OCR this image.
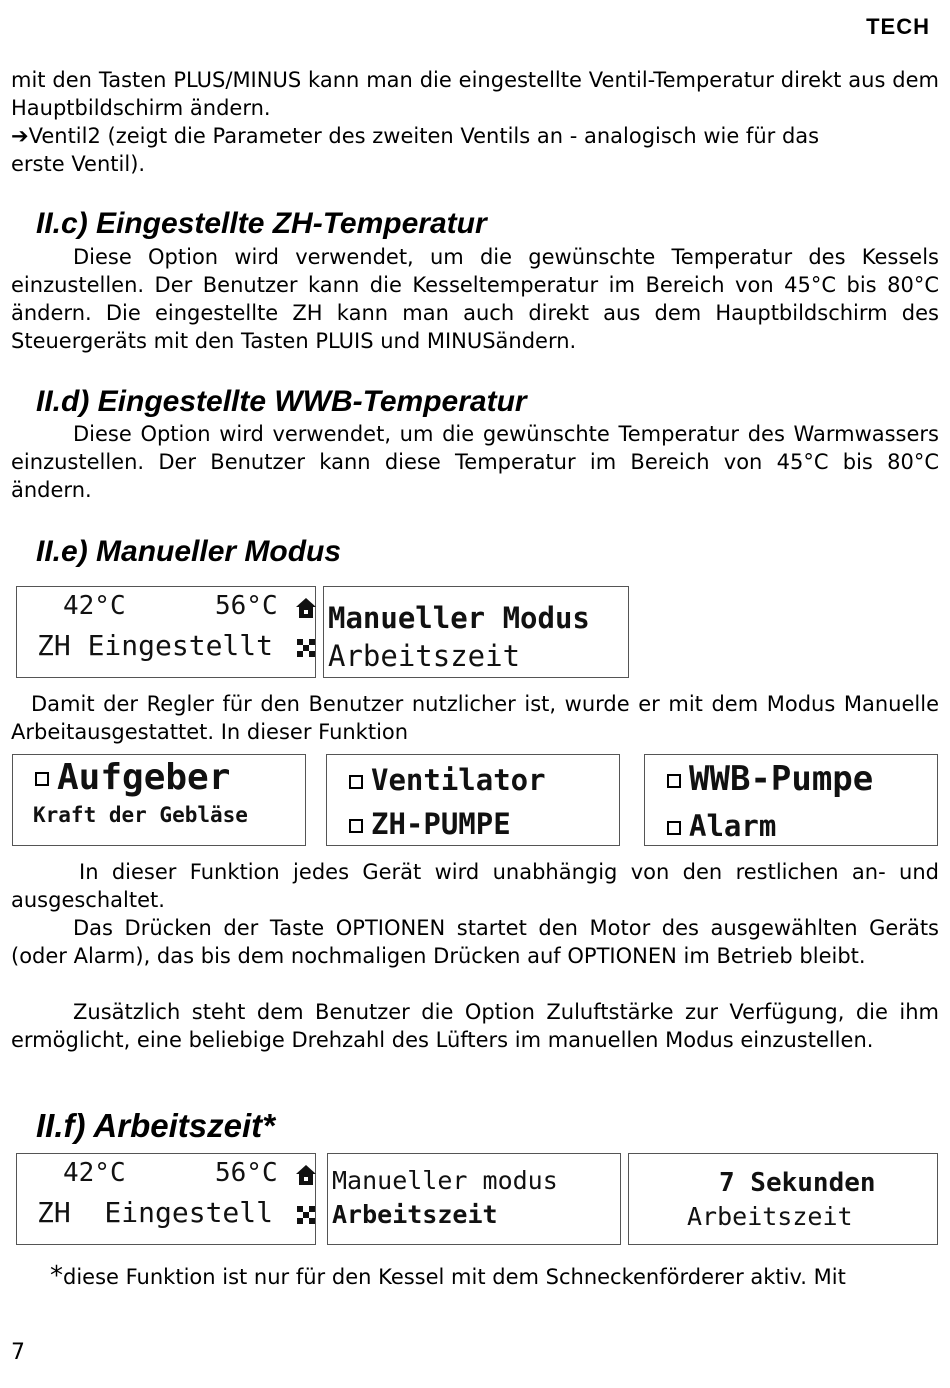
TECH

mit den Tasten PLUS/MINUS kann man die eingestellte Ventil-Temperatur direkt aus dem Hauptbildschirm ändern.

➔Ventil2 (zeigt die Parameter des zweiten Ventils an - analogisch wie für das erste Ventil).

II.c) Eingestellte ZH-Temperatur

Diese Option wird verwendet, um die gewünschte Temperatur des Kessels einzustellen. Der Benutzer kann die Kesseltemperatur im Bereich von 45°C bis 80°C ändern. Die eingestellte ZH kann man auch direkt aus dem Hauptbildschirm des Steuergeräts mit den Tasten PLUIS und MINUSändern.

II.d) Eingestellte WWB-Temperatur

Diese Option wird verwendet, um die gewünschte Temperatur des Warmwassers einzustellen. Der Benutzer kann diese Temperatur im Bereich von 45°C bis 80°C ändern.

II.e) Manueller Modus
42°C	56°C
ZH Eingestellt
Manueller Modus
Arbeitszeit

Damit der Regler für den Benutzer nutzlicher ist, wurde er mit dem Modus Manuelle Arbeitausgestattet. In dieser Funktion

Aufgeber
Kraft der Gebläse
Ventilator
ZH-PUMPE
WWB-Pumpe
Alarm

In dieser Funktion jedes Gerät wird unabhängig von den restlichen an- und ausgeschaltet.

Das Drücken der Taste OPTIONEN startet den Motor des ausgewählten Geräts (oder Alarm), das bis dem nochmaligen Drücken auf OPTIONEN im Betrieb bleibt.

Zusätzlich steht dem Benutzer die Option Zuluftstärke zur Verfügung, die ihm ermöglicht, eine beliebige Drehzahl des Lüfters im manuellen Modus einzustellen.

II.f) Arbeitszeit*
42°C	56°C
ZH  Eingestell
Manueller modus
Arbeitszeit
7 Sekunden
Arbeitszeit

*diese Funktion ist nur für den Kessel mit dem Schneckenförderer aktiv. Mit

7
